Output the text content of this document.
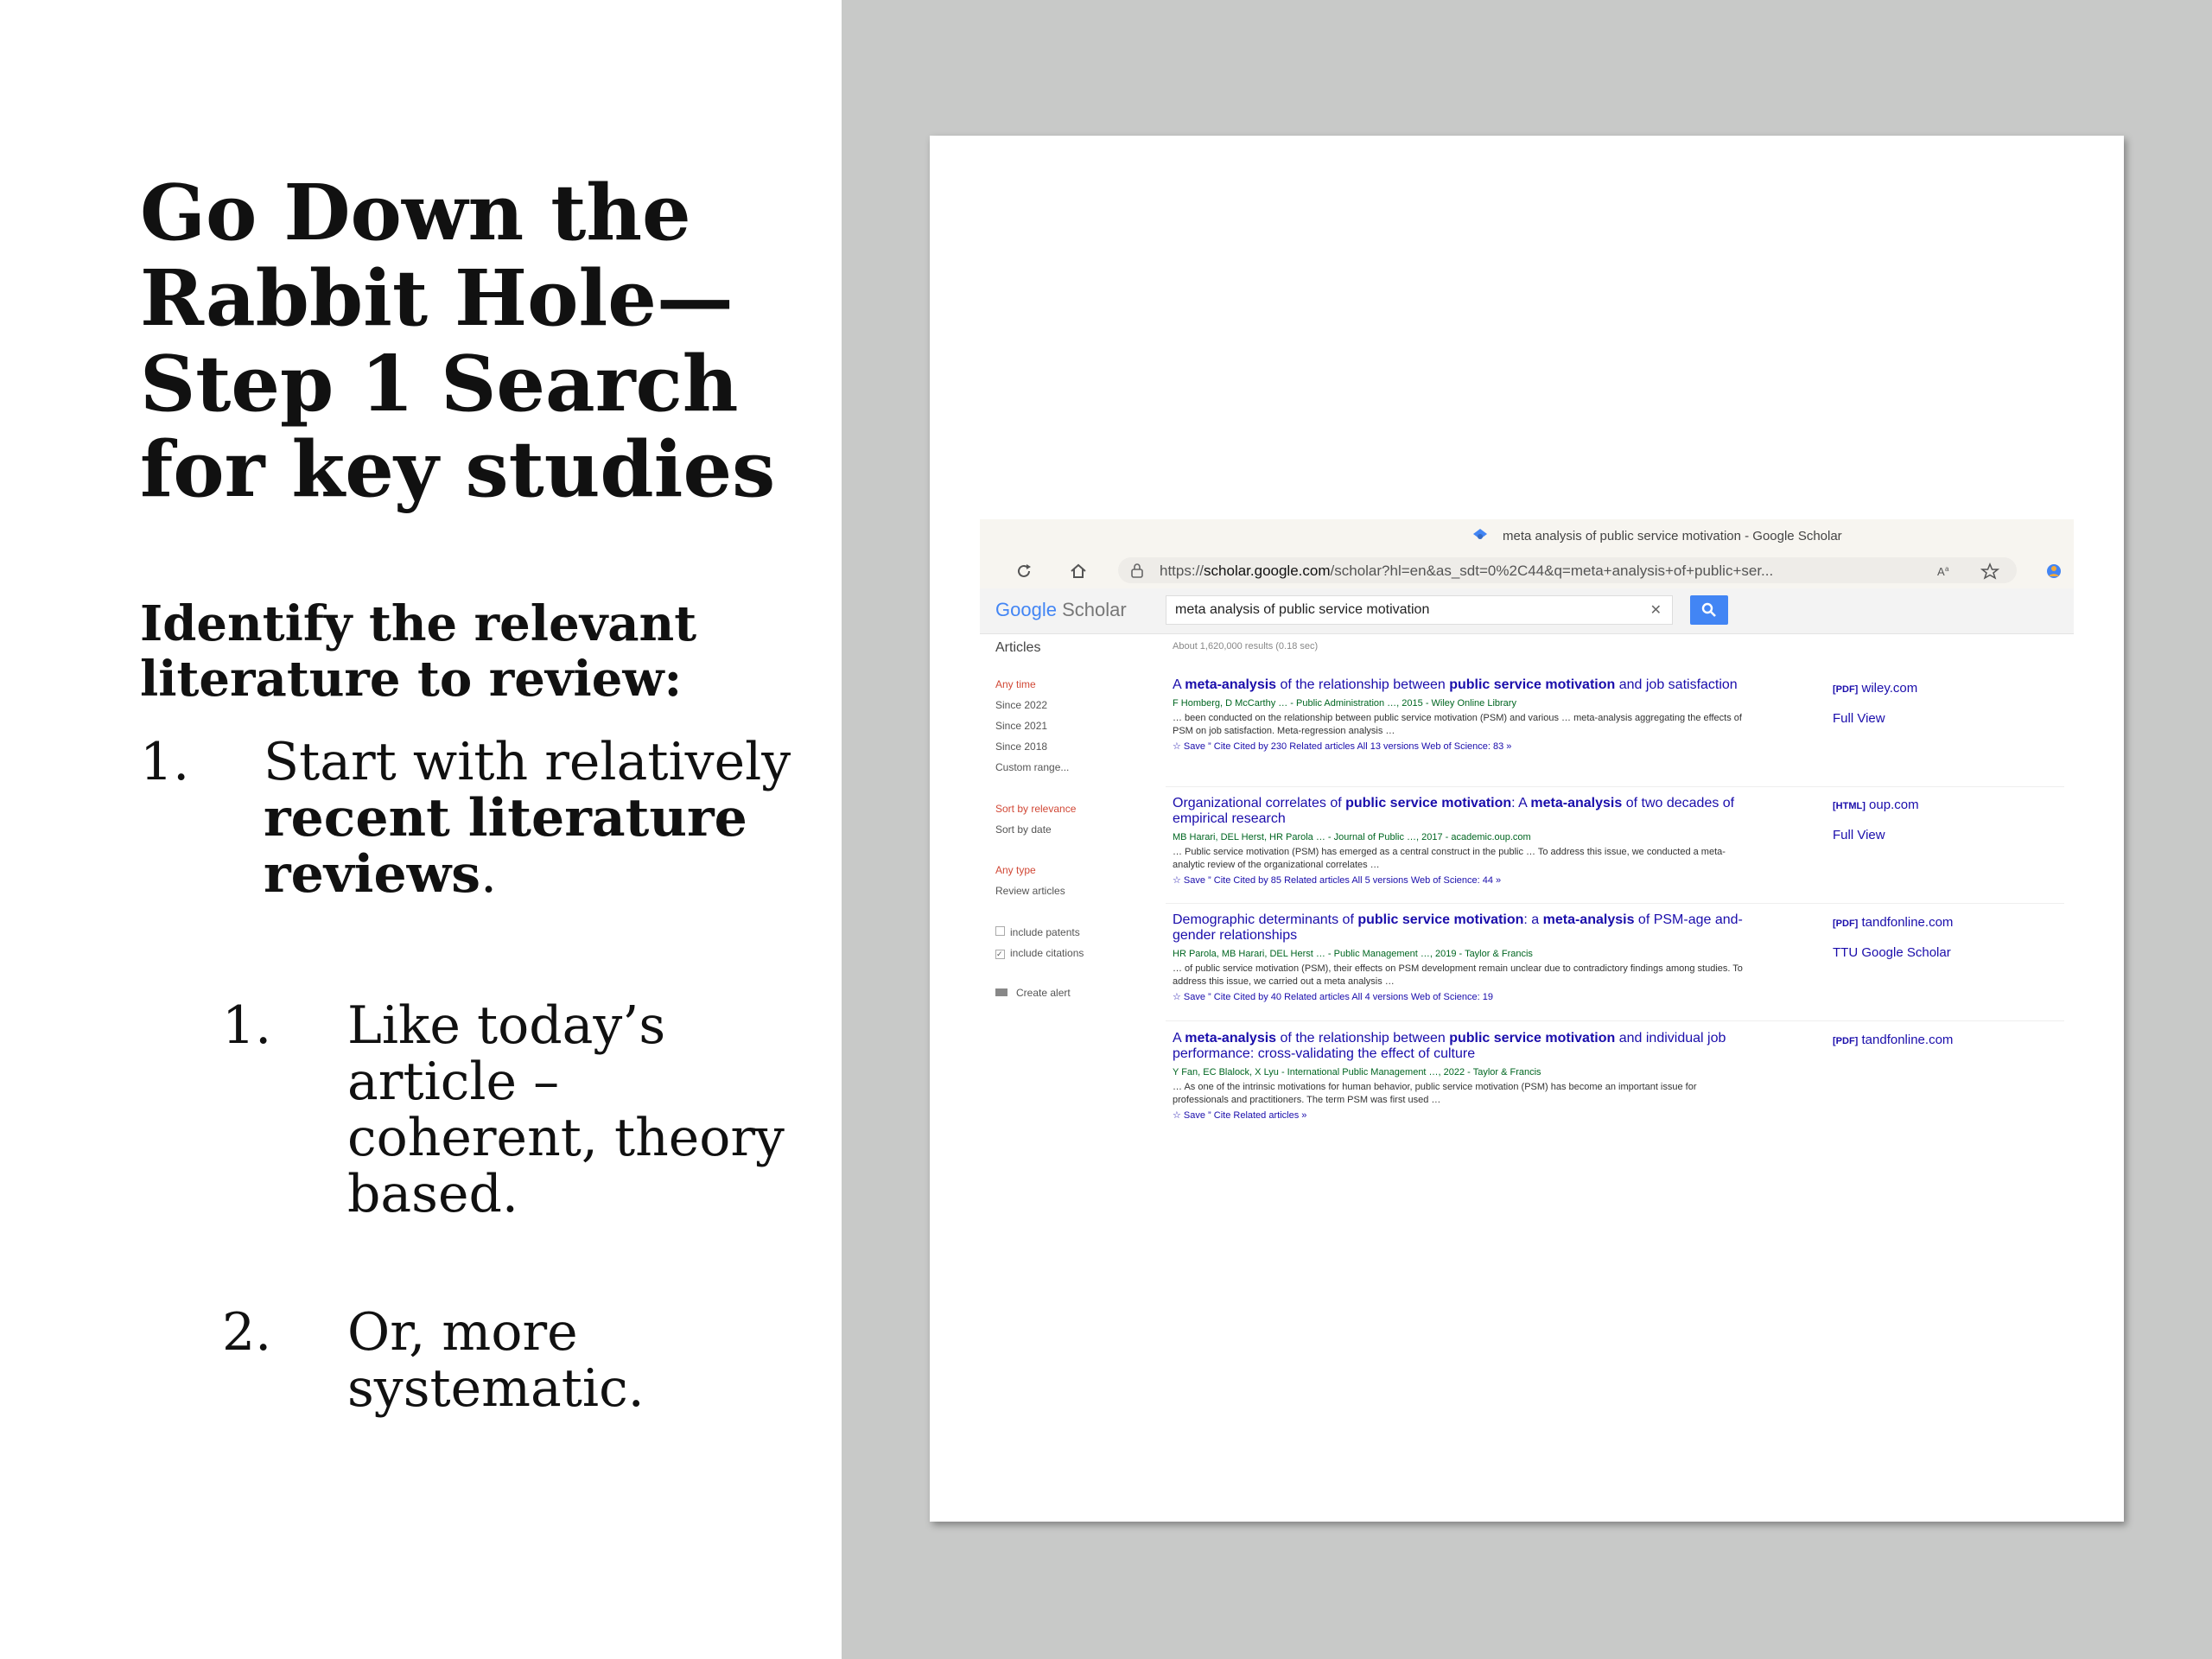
Go Down the
Rabbit Hole—
Step 1 Search
for key studies
Identify the relevant
literature to review:
1. Start with relatively
recent literature
reviews.
1. Like today’s
article –
coherent, theory
based.
2. Or, more
systematic.
meta analysis of public service motivation - Google Scholar
https://scholar.google.com/scholar?hl=en&as_sdt=0%2C44&q=meta+analysis+of+public+ser...	A a
Google Scholar	meta analysis of public service motivation	✕
Articles
Any time
Since 2022
Since 2021
Since 2018
Custom range...
Sort by relevance
Sort by date
Any type
Review articles
include patents
✓ include citations
Create alert
About 1,620,000 results (0.18 sec)
A meta-analysis of the relationship between public service motivation and job satisfaction
F Homberg, D McCarthy … - Public Administration …, 2015 - Wiley Online Library
… been conducted on the relationship between public service motivation (PSM) and various … meta-analysis aggregating the effects of PSM on job satisfaction. Meta-regression analysis …
☆ Save ” Cite Cited by 230 Related articles All 13 versions Web of Science: 83 »
[PDF] wiley.com
Full View
Organizational correlates of public service motivation: A meta-analysis of two decades of empirical research
MB Harari, DEL Herst, HR Parola … - Journal of Public …, 2017 - academic.oup.com
… Public service motivation (PSM) has emerged as a central construct in the public … To address this issue, we conducted a meta-analytic review of the organizational correlates …
☆ Save ” Cite Cited by 85 Related articles All 5 versions Web of Science: 44 »
[HTML] oup.com
Full View
Demographic determinants of public service motivation: a meta-analysis of PSM-age and-gender relationships
HR Parola, MB Harari, DEL Herst … - Public Management …, 2019 - Taylor & Francis
… of public service motivation (PSM), their effects on PSM development remain unclear due to contradictory findings among studies. To address this issue, we carried out a meta analysis …
☆ Save ” Cite Cited by 40 Related articles All 4 versions Web of Science: 19
[PDF] tandfonline.com
TTU Google Scholar
A meta-analysis of the relationship between public service motivation and individual job performance: cross-validating the effect of culture
Y Fan, EC Blalock, X Lyu - International Public Management …, 2022 - Taylor & Francis
… As one of the intrinsic motivations for human behavior, public service motivation (PSM) has become an important issue for professionals and practitioners. The term PSM was first used …
☆ Save ” Cite Related articles »
[PDF] tandfonline.com
